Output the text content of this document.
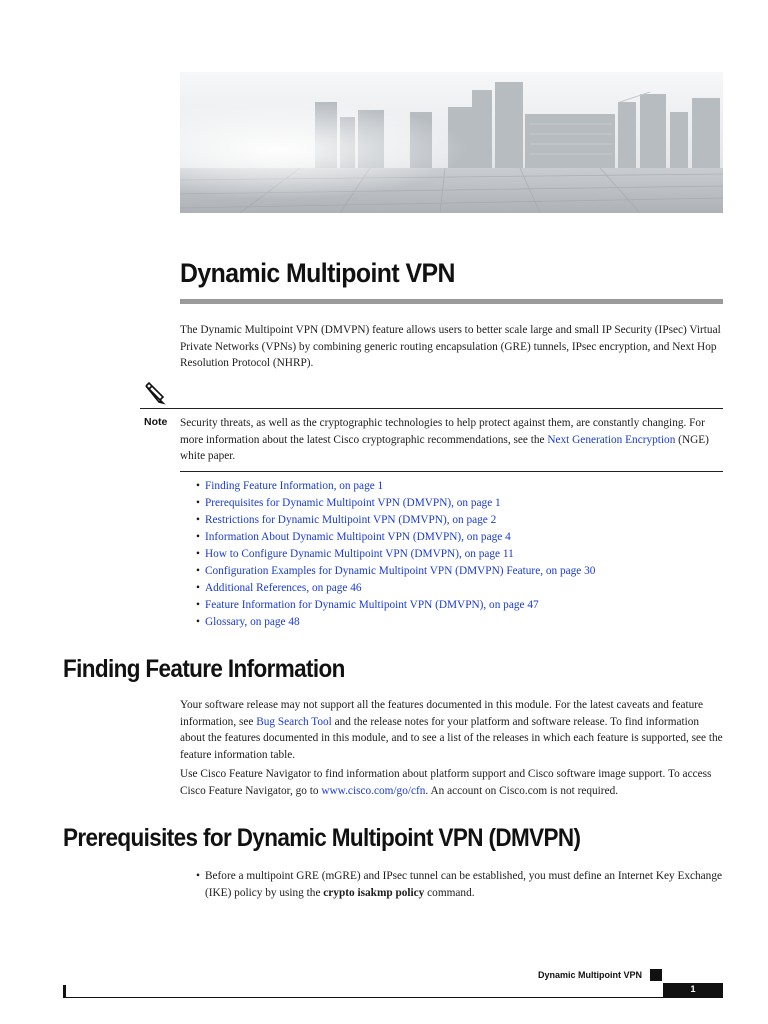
Dynamic Multipoint VPN

The Dynamic Multipoint VPN (DMVPN) feature allows users to better scale large and small IP Security (IPsec) Virtual Private Networks (VPNs) by combining generic routing encapsulation (GRE) tunnels, IPsec encryption, and Next Hop Resolution Protocol (NHRP).

Note Security threats, as well as the cryptographic technologies to help protect against them, are constantly changing. For more information about the latest Cisco cryptographic recommendations, see the Next Generation Encryption (NGE) white paper.

• Finding Feature Information, on page 1
• Prerequisites for Dynamic Multipoint VPN (DMVPN), on page 1
• Restrictions for Dynamic Multipoint VPN (DMVPN), on page 2
• Information About Dynamic Multipoint VPN (DMVPN), on page 4
• How to Configure Dynamic Multipoint VPN (DMVPN), on page 11
• Configuration Examples for Dynamic Multipoint VPN (DMVPN) Feature, on page 30
• Additional References, on page 46
• Feature Information for Dynamic Multipoint VPN (DMVPN), on page 47
• Glossary, on page 48
Finding Feature Information

Your software release may not support all the features documented in this module. For the latest caveats and feature information, see Bug Search Tool and the release notes for your platform and software release. To find information about the features documented in this module, and to see a list of the releases in which each feature is supported, see the feature information table.

Use Cisco Feature Navigator to find information about platform support and Cisco software image support. To access Cisco Feature Navigator, go to www.cisco.com/go/cfn. An account on Cisco.com is not required.

Prerequisites for Dynamic Multipoint VPN (DMVPN)

• Before a multipoint GRE (mGRE) and IPsec tunnel can be established, you must define an Internet Key Exchange (IKE) policy by using the crypto isakmp policy command.

Dynamic Multipoint VPN
1
